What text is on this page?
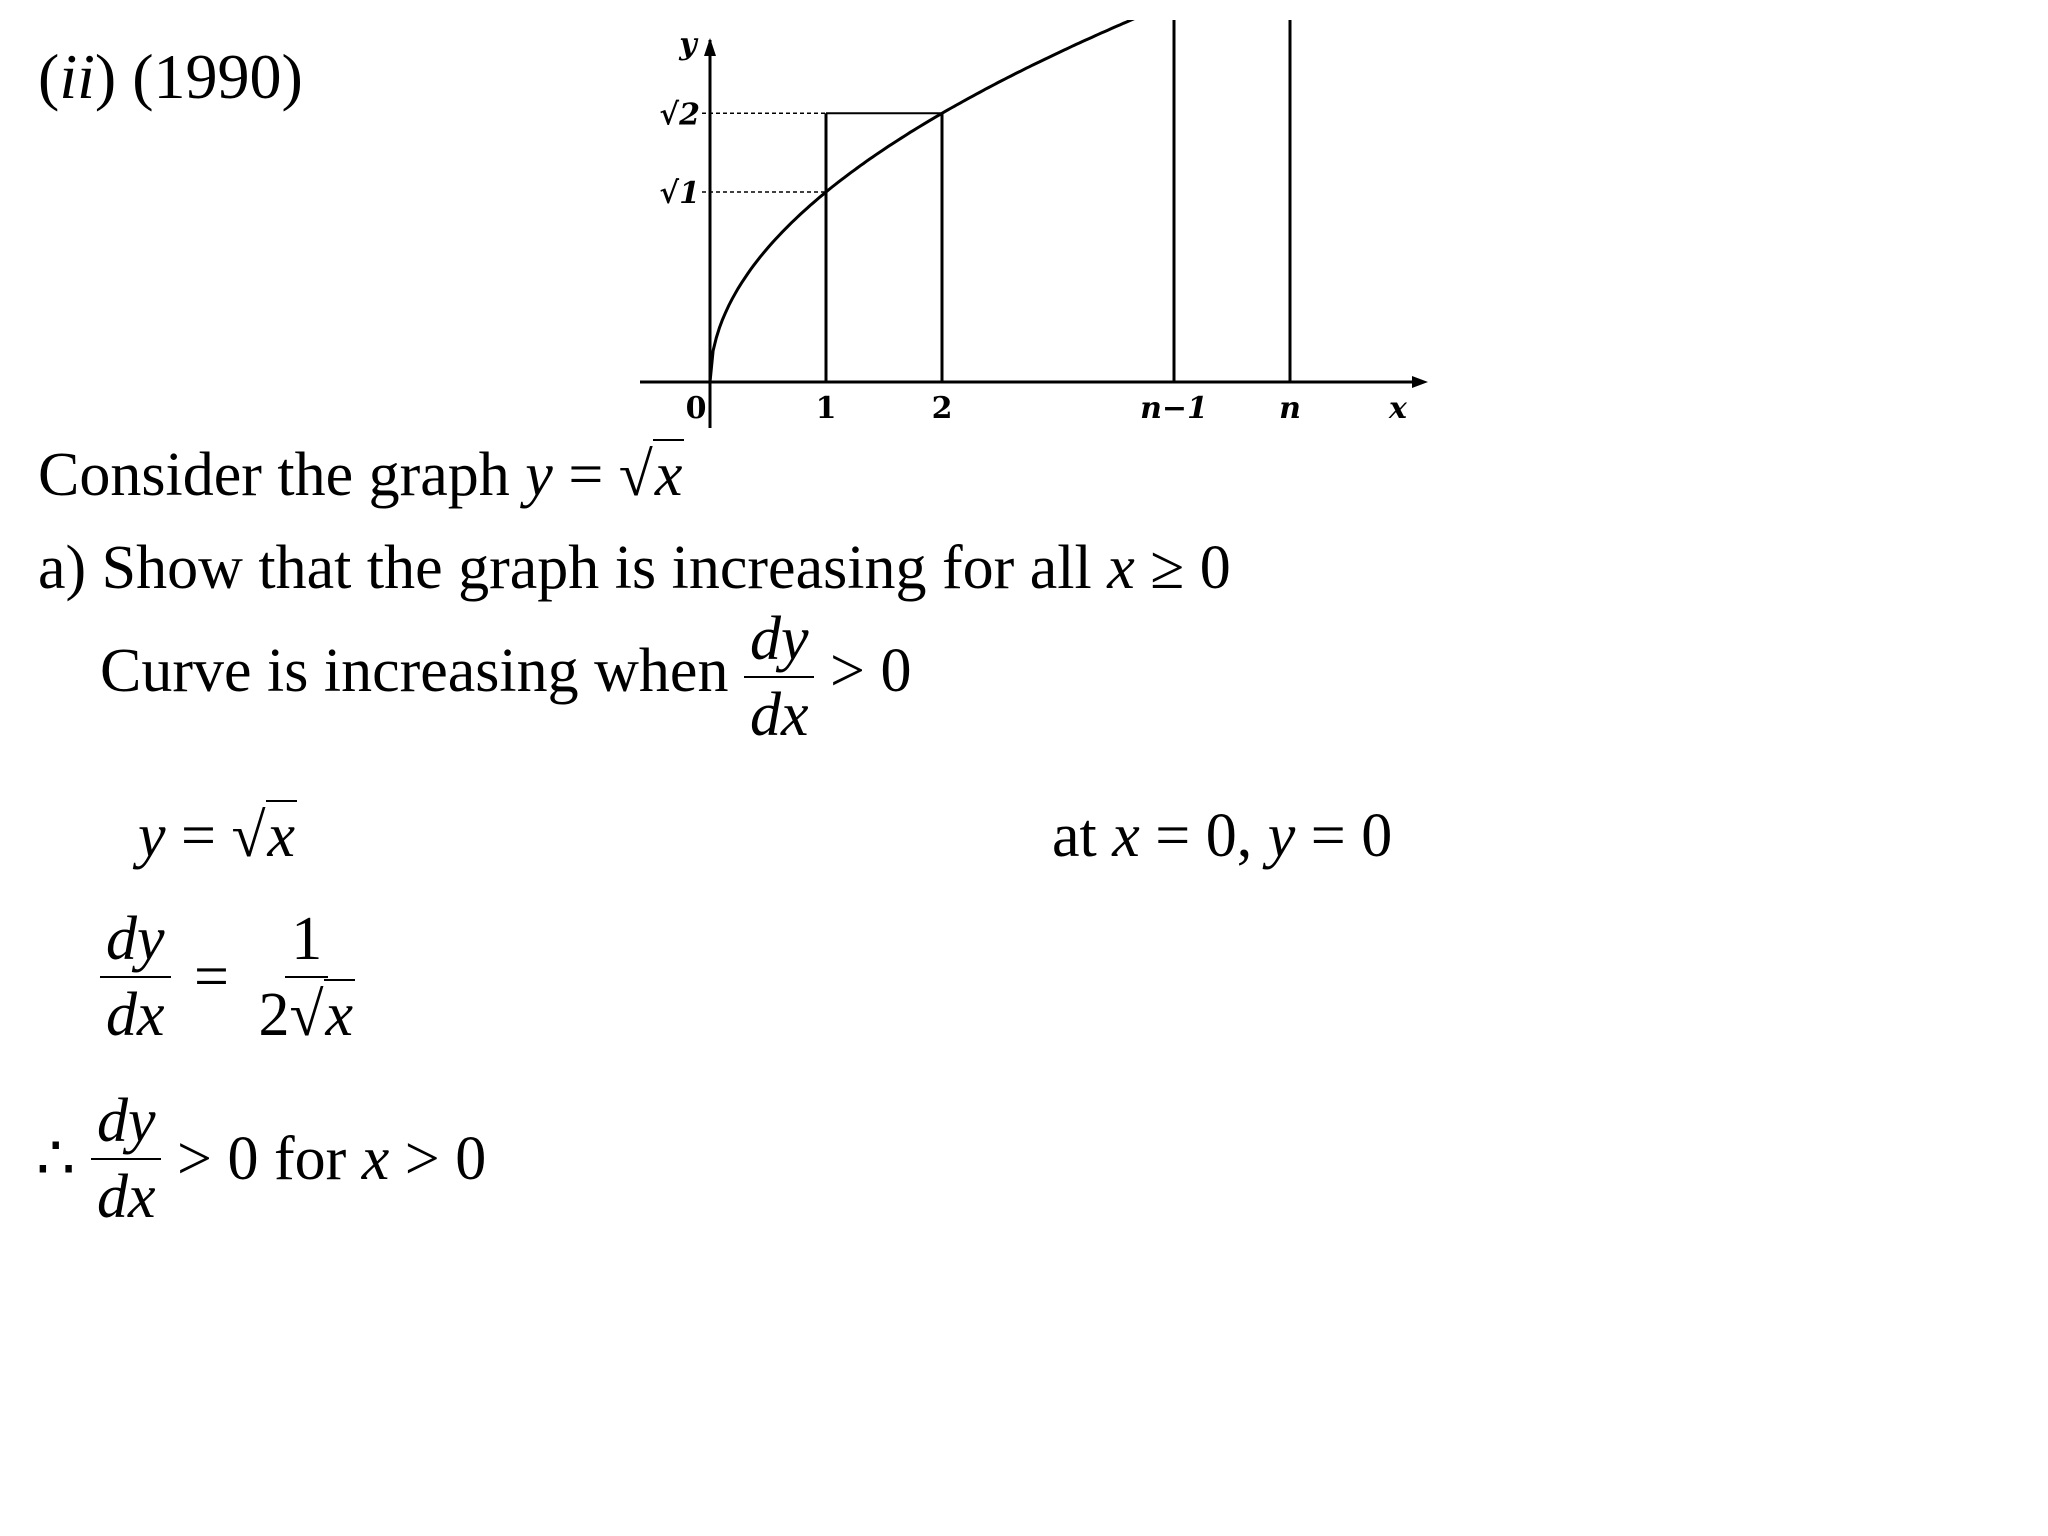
(ii) (1990)
0	1	2	n−1 n	x
y
√2
√1
Consider the graph y = √x
a) Show that the graph is increasing for all x ≥ 0
Curve is increasing when $\frac{dy}{dx} > 0$
y = √x	at x = 0, y = 0
$\frac{dy}{dx} = \frac{1}{2√x}$
∴ $\frac{dy}{dx} > 0$ for x > 0
